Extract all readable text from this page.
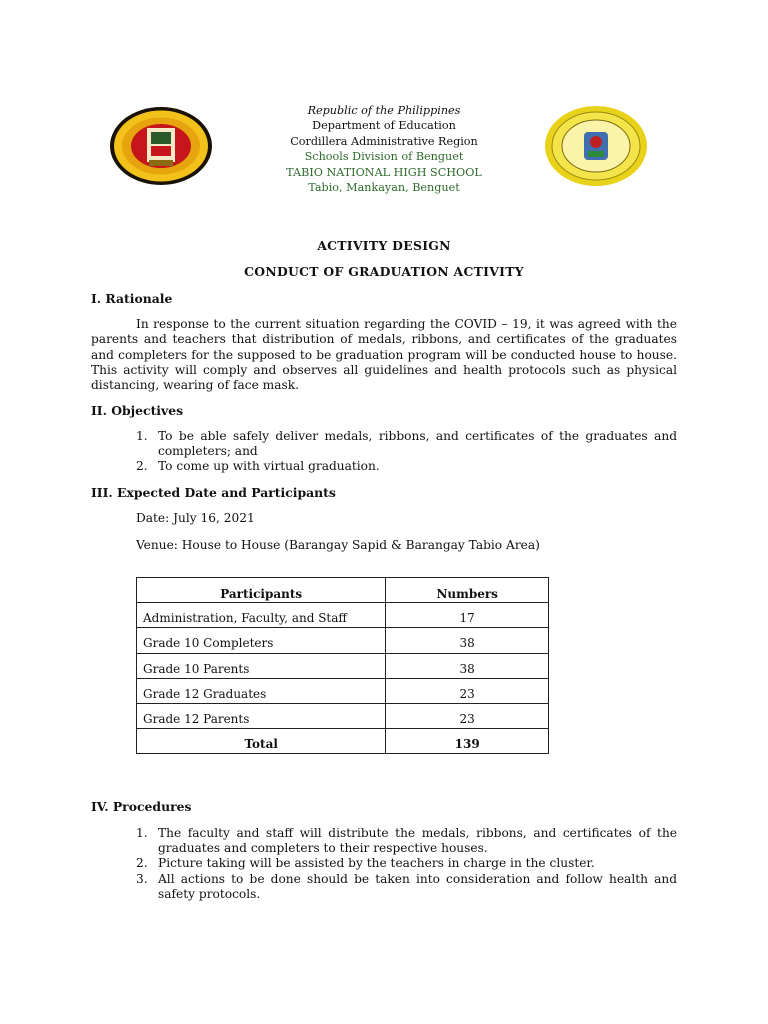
Republic of the Philippines
Department of Education
Cordillera Administrative Region
Schools Division of Benguet
TABIO NATIONAL HIGH SCHOOL
Tabio, Mankayan, Benguet
ACTIVITY DESIGN
CONDUCT OF GRADUATION ACTIVITY
I. Rationale
In response to the current situation regarding the COVID – 19, it was agreed with the parents and teachers that distribution of medals, ribbons, and certificates of the graduates and completers for the supposed to be graduation program will be conducted house to house. This activity will comply and observes all guidelines and health protocols such as physical distancing, wearing of face mask.
II. Objectives
1. To be able safely deliver medals, ribbons, and certificates of the graduates and completers; and
2. To come up with virtual graduation.
III. Expected Date and Participants
Date: July 16, 2021
Venue: House to House (Barangay Sapid & Barangay Tabio Area)
Participants	Numbers
Administration, Faculty, and Staff	17
Grade 10 Completers	38
Grade 10 Parents	38
Grade 12 Graduates	23
Grade 12 Parents	23
Total	139
IV. Procedures
1. The faculty and staff will distribute the medals, ribbons, and certificates of the graduates and completers to their respective houses.
2. Picture taking will be assisted by the teachers in charge in the cluster.
3. All actions to be done should be taken into consideration and follow health and safety protocols.
